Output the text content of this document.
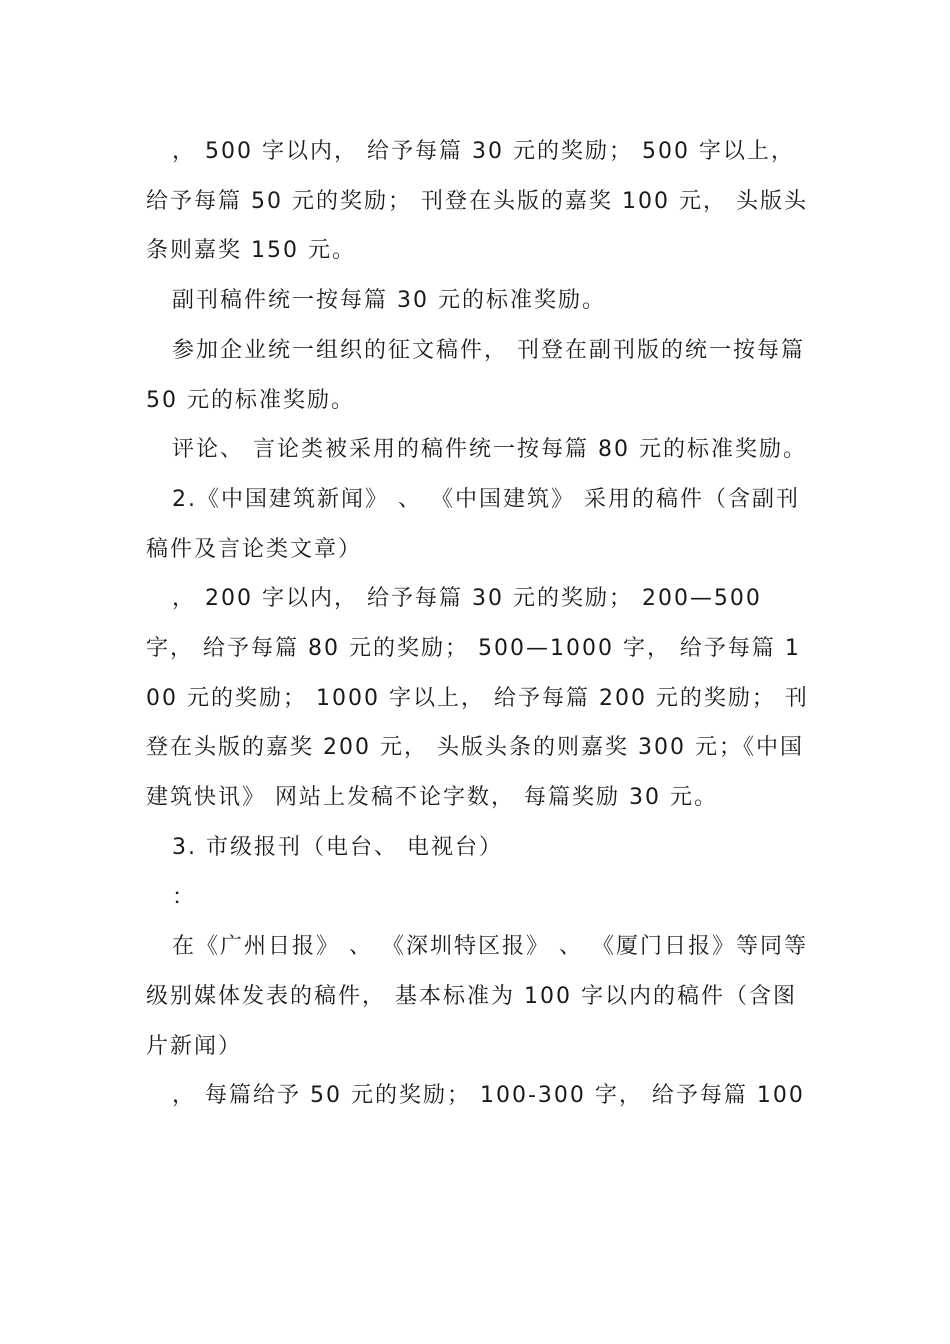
， 500 字以内， 给予每篇 30 元的奖励； 500 字以上， 给予每篇 50 元的奖励； 刊登在头版的嘉奖 100 元， 头版头条则嘉奖 150 元。

副刊稿件统一按每篇 30 元的标准奖励。

参加企业统一组织的征文稿件， 刊登在副刊版的统一按每篇 50 元的标准奖励。

评论、 言论类被采用的稿件统一按每篇 80 元的标准奖励。

2.《中国建筑新闻》 、 《中国建筑》 采用的稿件（含副刊稿件及言论类文章）

， 200 字以内， 给予每篇 30 元的奖励； 200—500 字， 给予每篇 80 元的奖励； 500—1000 字， 给予每篇 100 元的奖励； 1000 字以上， 给予每篇 200 元的奖励； 刊登在头版的嘉奖 200 元， 头版头条的则嘉奖 300 元；《中国建筑快讯》 网站上发稿不论字数， 每篇奖励 30 元。

3. 市级报刊（电台、 电视台）

：

在《广州日报》 、 《深圳特区报》 、 《厦门日报》等同等级别媒体发表的稿件， 基本标准为 100 字以内的稿件（含图片新闻）

， 每篇给予 50 元的奖励； 100-300 字， 给予每篇 100
